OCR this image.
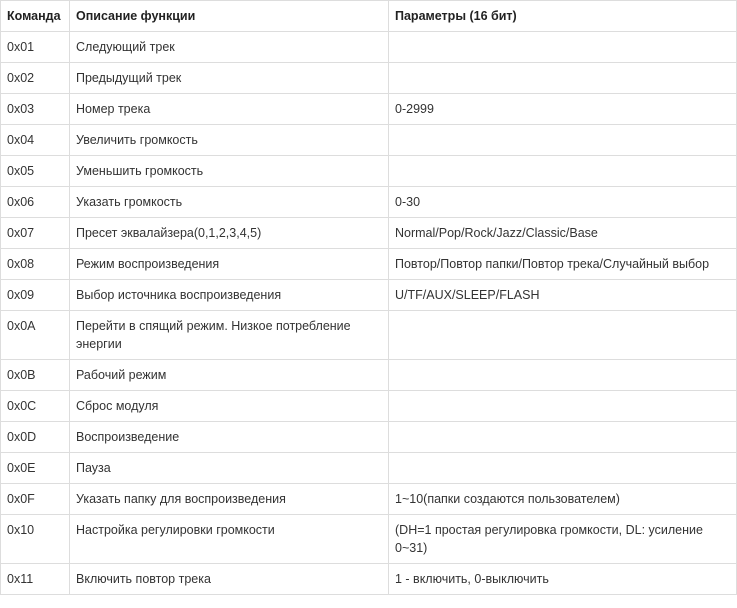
Команда	Описание функции	Параметры (16 бит)
0x01	Следующий трек	
0x02	Предыдущий трек	
0x03	Номер трека	0-2999
0x04	Увеличить громкость	
0x05	Уменьшить громкость	
0x06	Указать громкость	0-30
0x07	Пресет эквалайзера(0,1,2,3,4,5)	Normal/Pop/Rock/Jazz/Classic/Base
0x08	Режим воспроизведения	Повтор/Повтор папки/Повтор трека/Случайный выбор
0x09	Выбор источника воспроизведения	U/TF/AUX/SLEEP/FLASH
0x0A	Перейти в спящий режим. Низкое потребление энергии	
0x0B	Рабочий режим	
0x0C	Сброс модуля	
0x0D	Воспроизведение	
0x0E	Пауза	
0x0F	Указать папку для воспроизведения	1~10(папки создаются пользователем)
0x10	Настройка регулировки громкости	(DH=1 простая регулировка громкости, DL: усиление 0~31)
0x11	Включить повтор трека	1 - включить, 0-выключить
